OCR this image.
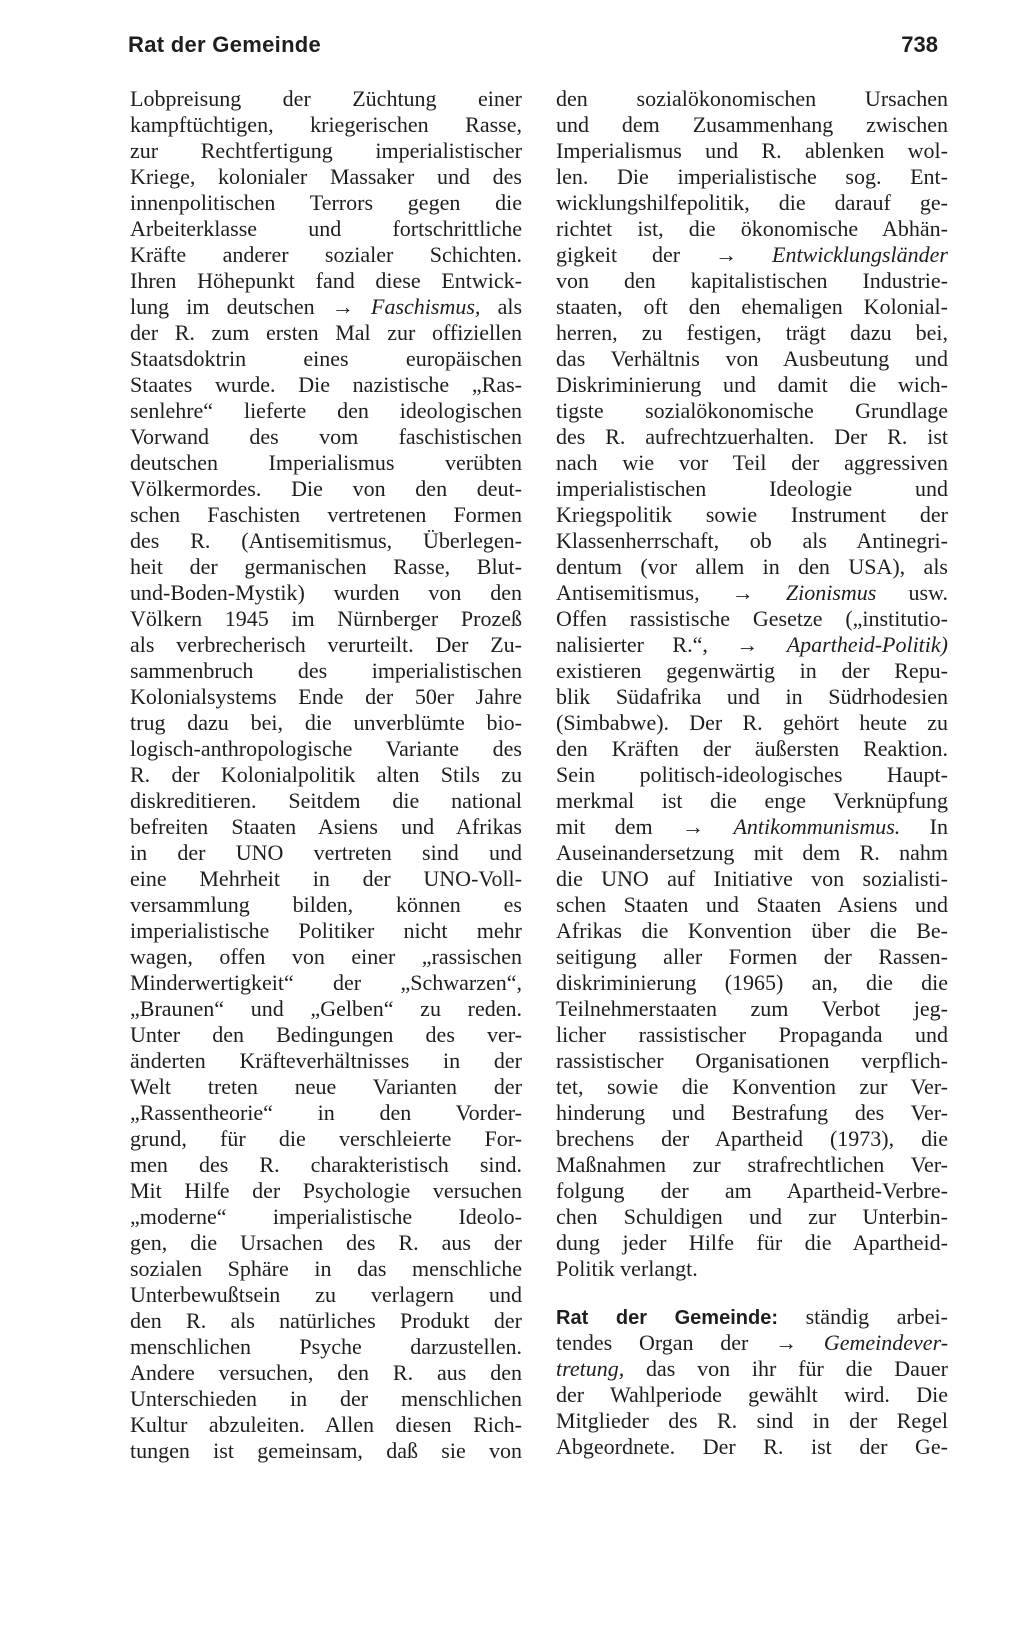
Rat der Gemeinde	738
Lobpreisung der Züchtung einer
kampftüchtigen, kriegerischen Rasse,
zur Rechtfertigung imperialistischer
Kriege, kolonialer Massaker und des
innenpolitischen Terrors gegen die
Arbeiterklasse und fortschrittliche
Kräfte anderer sozialer Schichten.
Ihren Höhepunkt fand diese Entwick-
lung im deutschen → Faschismus, als
der R. zum ersten Mal zur offiziellen
Staatsdoktrin eines europäischen
Staates wurde. Die nazistische „Ras-
senlehre“ lieferte den ideologischen
Vorwand des vom faschistischen
deutschen Imperialismus verübten
Völkermordes. Die von den deut-
schen Faschisten vertretenen Formen
des R. (Antisemitismus, Überlegen-
heit der germanischen Rasse, Blut-
und-Boden-Mystik) wurden von den
Völkern 1945 im Nürnberger Prozeß
als verbrecherisch verurteilt. Der Zu-
sammenbruch des imperialistischen
Kolonialsystems Ende der 50er Jahre
trug dazu bei, die unverblümte bio-
logisch-anthropologische Variante des
R. der Kolonialpolitik alten Stils zu
diskreditieren. Seitdem die national
befreiten Staaten Asiens und Afrikas
in der UNO vertreten sind und
eine Mehrheit in der UNO-Voll-
versammlung bilden, können es
imperialistische Politiker nicht mehr
wagen, offen von einer „rassischen
Minderwertigkeit“ der „Schwarzen“,
„Braunen“ und „Gelben“ zu reden.
Unter den Bedingungen des ver-
änderten Kräfteverhältnisses in der
Welt treten neue Varianten der
„Rassentheorie“ in den Vorder-
grund, für die verschleierte For-
men des R. charakteristisch sind.
Mit Hilfe der Psychologie versuchen
„moderne“ imperialistische Ideolo-
gen, die Ursachen des R. aus der
sozialen Sphäre in das menschliche
Unterbewußtsein zu verlagern und
den R. als natürliches Produkt der
menschlichen Psyche darzustellen.
Andere versuchen, den R. aus den
Unterschieden in der menschlichen
Kultur abzuleiten. Allen diesen Rich-
tungen ist gemeinsam, daß sie von
den sozialökonomischen Ursachen
und dem Zusammenhang zwischen
Imperialismus und R. ablenken wol-
len. Die imperialistische sog. Ent-
wicklungshilfepolitik, die darauf ge-
richtet ist, die ökonomische Abhän-
gigkeit der → Entwicklungsländer
von den kapitalistischen Industrie-
staaten, oft den ehemaligen Kolonial-
herren, zu festigen, trägt dazu bei,
das Verhältnis von Ausbeutung und
Diskriminierung und damit die wich-
tigste sozialökonomische Grundlage
des R. aufrechtzuerhalten. Der R. ist
nach wie vor Teil der aggressiven
imperialistischen Ideologie und
Kriegspolitik sowie Instrument der
Klassenherrschaft, ob als Antinegri-
dentum (vor allem in den USA), als
Antisemitismus, → Zionismus usw.
Offen rassistische Gesetze („institutio-
nalisierter R.“, → Apartheid-Politik)
existieren gegenwärtig in der Repu-
blik Südafrika und in Südrhodesien
(Simbabwe). Der R. gehört heute zu
den Kräften der äußersten Reaktion.
Sein politisch-ideologisches Haupt-
merkmal ist die enge Verknüpfung
mit dem → Antikommunismus. In
Auseinandersetzung mit dem R. nahm
die UNO auf Initiative von sozialisti-
schen Staaten und Staaten Asiens und
Afrikas die Konvention über die Be-
seitigung aller Formen der Rassen-
diskriminierung (1965) an, die die
Teilnehmerstaaten zum Verbot jeg-
licher rassistischer Propaganda und
rassistischer Organisationen verpflich-
tet, sowie die Konvention zur Ver-
hinderung und Bestrafung des Ver-
brechens der Apartheid (1973), die
Maßnahmen zur strafrechtlichen Ver-
folgung der am Apartheid-Verbre-
chen Schuldigen und zur Unterbin-
dung jeder Hilfe für die Apartheid-
Politik verlangt.
Rat der Gemeinde: ständig arbei-
tendes Organ der → Gemeindever-
tretung, das von ihr für die Dauer
der Wahlperiode gewählt wird. Die
Mitglieder des R. sind in der Regel
Abgeordnete. Der R. ist der Ge-
